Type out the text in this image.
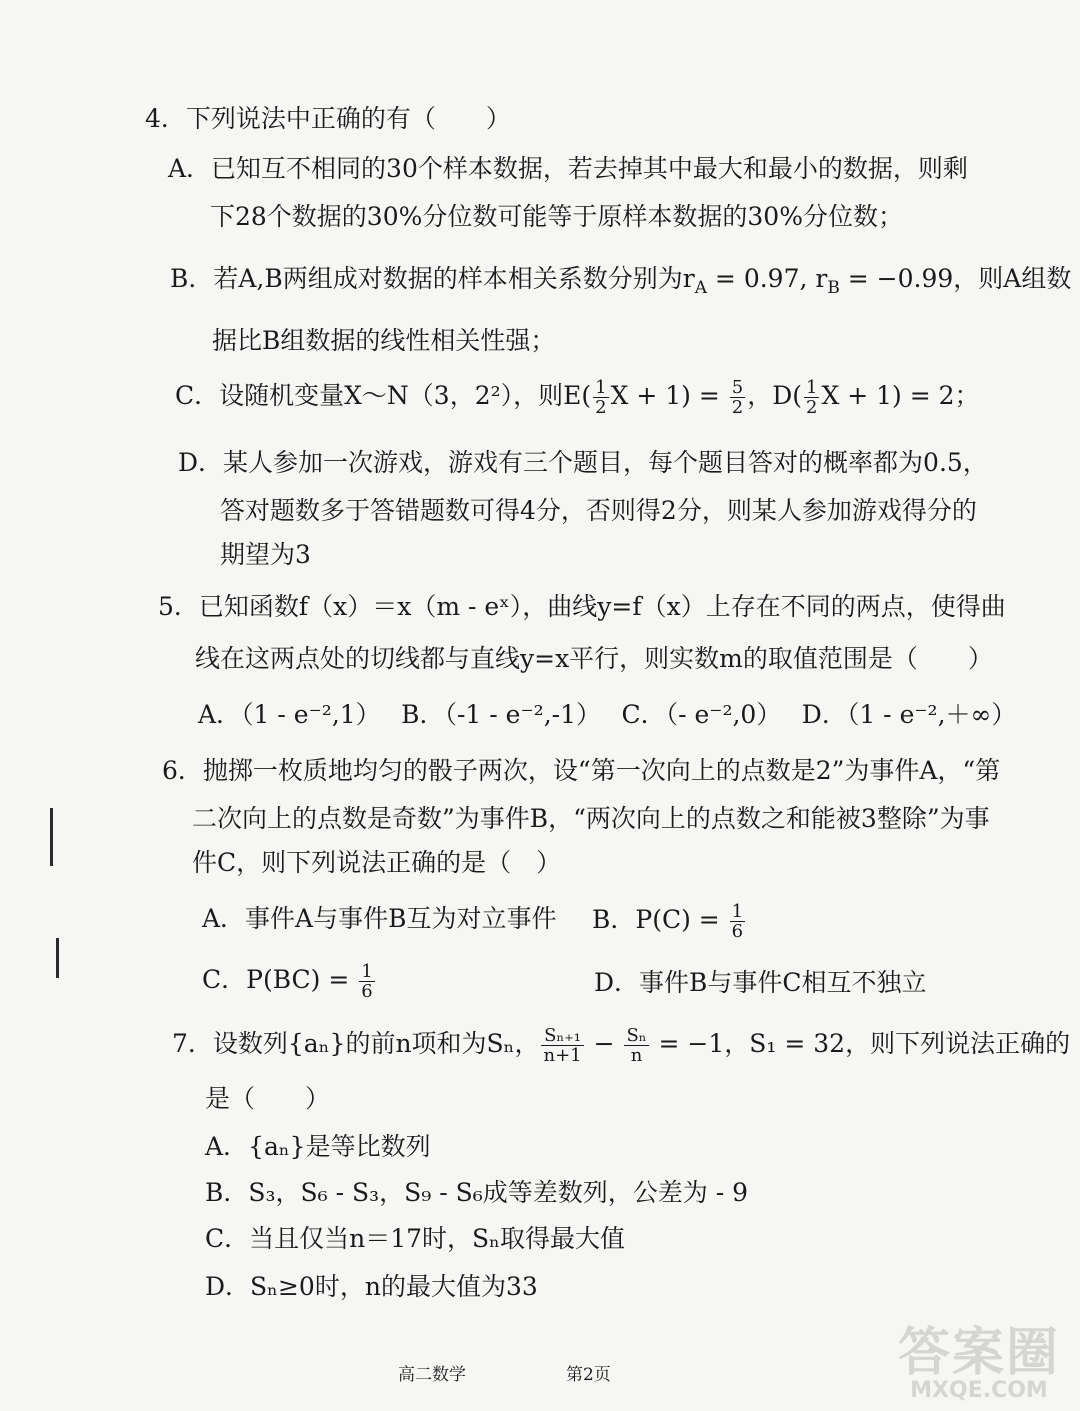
4．下列说法中正确的有（　　）
A．已知互不相同的30个样本数据，若去掉其中最大和最小的数据，则剩
下28个数据的30%分位数可能等于原样本数据的30%分位数；
B．若A,B两组成对数据的样本相关系数分别为$r_A = 0.97$, $r_B = -0.99$，则A组数
据比B组数据的线性相关性强；
C．设随机变量X～N（3，2²），则$E( \frac{1}{2}$ $X + 1) = \frac{5}{2}$ ，$D( \frac{1}{2}$ X + 1) = 2；
D．某人参加一次游戏，游戏有三个题目，每个题目答对的概率都为0.5，
答对题数多于答错题数可得4分，否则得2分，则某人参加游戏得分的
期望为3
5．已知函数f（x）＝x（m - eˣ），曲线y=f（x）上存在不同的两点，使得曲
线在这两点处的切线都与直线y=x平行，则实数m的取值范围是（　　）
A．（1 - e⁻²,1）　 B．（-1 - e⁻²,-1）　 C．（- e⁻²,0）　 D．（1 - e⁻²,＋∞）
6．抛掷一枚质地均匀的骰子两次，设“第一次向上的点数是2”为事件A，“第
二次向上的点数是奇数”为事件B，“两次向上的点数之和能被3整除”为事
件C，则下列说法正确的是（　）
A．事件A与事件B互为对立事件 B．$P(C) = \frac{1}{6}$
C．$P(BC) = \frac{1}{6}$	D．事件B与事件C相互不独立
7．设数列{aₙ}的前n项和为Sₙ， $\frac{\text{Sₙ₊₁}}{n+1} - \frac{\text{Sₙ}}{n} = -1$，S₁ = 32，则下列说法正确的
是（　　）
A．{aₙ}是等比数列
B．S₃，S₆ - S₃，S₉ - S₆成等差数列，公差为 - 9
C．当且仅当n＝17时，Sₙ取得最大值
D．Sₙ≥0时，n的最大值为33
高二数学	第2页	答案圈
MXQE.COM
